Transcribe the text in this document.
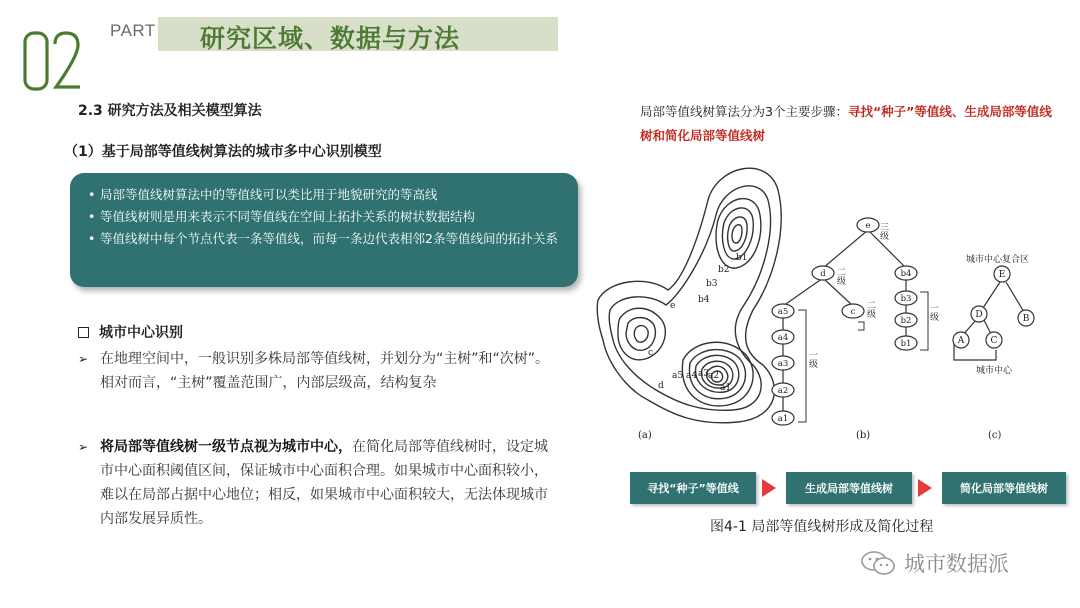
02
PART 研究区域、数据与方法
2.3 研究方法及相关模型算法
（1）基于局部等值线树算法的城市多中心识别模型
• 局部等值线树算法中的等值线可以类比用于地貌研究的等高线
• 等值线树则是用来表示不同等值线在空间上拓扑关系的树状数据结构
• 等值线树中每个节点代表一条等值线，而每一条边代表相邻2条等值线间的拓扑关系
城市中心识别
➢ 在地理空间中，一般识别多株局部等值线树，并划分为“主树”和“次树”。相对而言，“主树”覆盖范围广，内部层级高，结构复杂
➢ 将局部等值线树一级节点视为城市中心，在简化局部等值线树时，设定城市中心面积阈值区间，保证城市中心面积合理。如果城市中心面积较小，难以在局部占据中心地位；相反，如果城市中心面积较大，无法体现城市内部发展异质性。
局部等值线树算法分为3个主要步骤：寻找“种子”等值线、生成局部等值线树和简化局部等值线树
b1
b2
b3
b4
e
c
d
a5 a4 a3
a2
a1
(a)
e
d	b4
b3
b2
b1
c
a5
a4
a3
a2
a1
三级
二级
二级
一级
一级
(b)
城市中心复合区
城市中心
E
D	B
A	C
(c)
寻找“种子”等值线	生成局部等值线树	简化局部等值线树
图4-1 局部等值线树形成及简化过程
城市数据派
